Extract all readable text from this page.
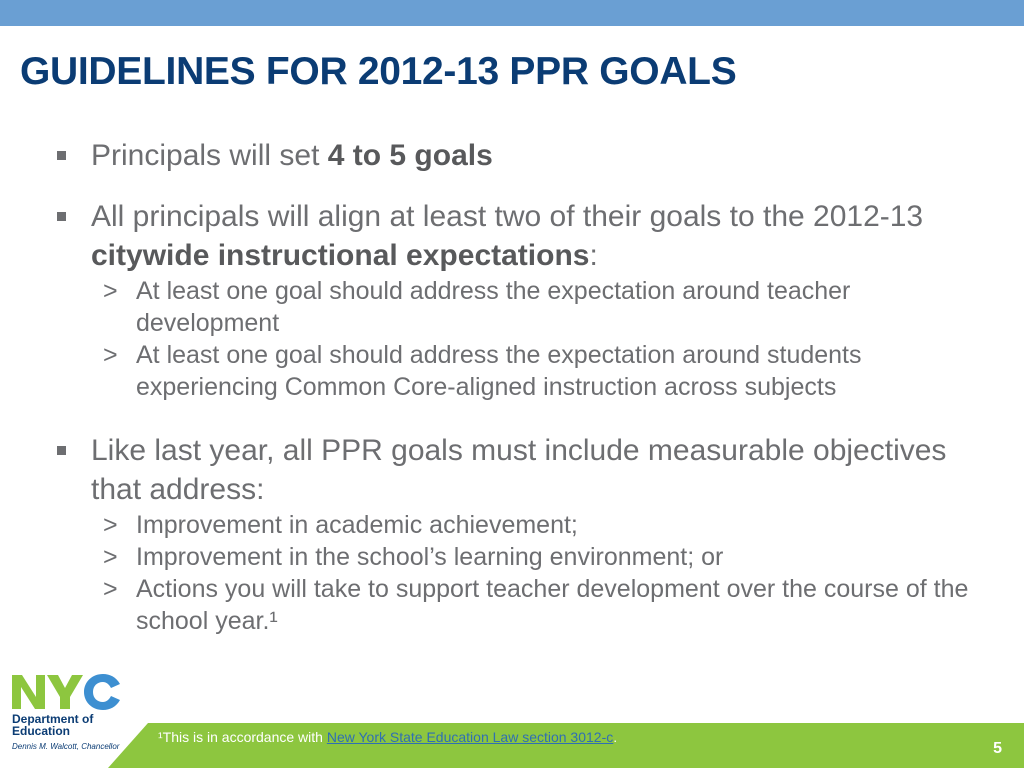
GUIDELINES FOR 2012-13 PPR GOALS
Principals will set 4 to 5 goals
All principals will align at least two of their goals to the 2012-13 citywide instructional expectations:
> At least one goal should address the expectation around teacher development
> At least one goal should address the expectation around students experiencing Common Core-aligned instruction across subjects
Like last year, all PPR goals must include measurable objectives that address:
> Improvement in academic achievement;
> Improvement in the school’s learning environment; or
> Actions you will take to support teacher development over the course of the school year.¹
¹This is in accordance with New York State Education Law section 3012-c.
5
Department of
Education
Dennis M. Walcott, Chancellor
